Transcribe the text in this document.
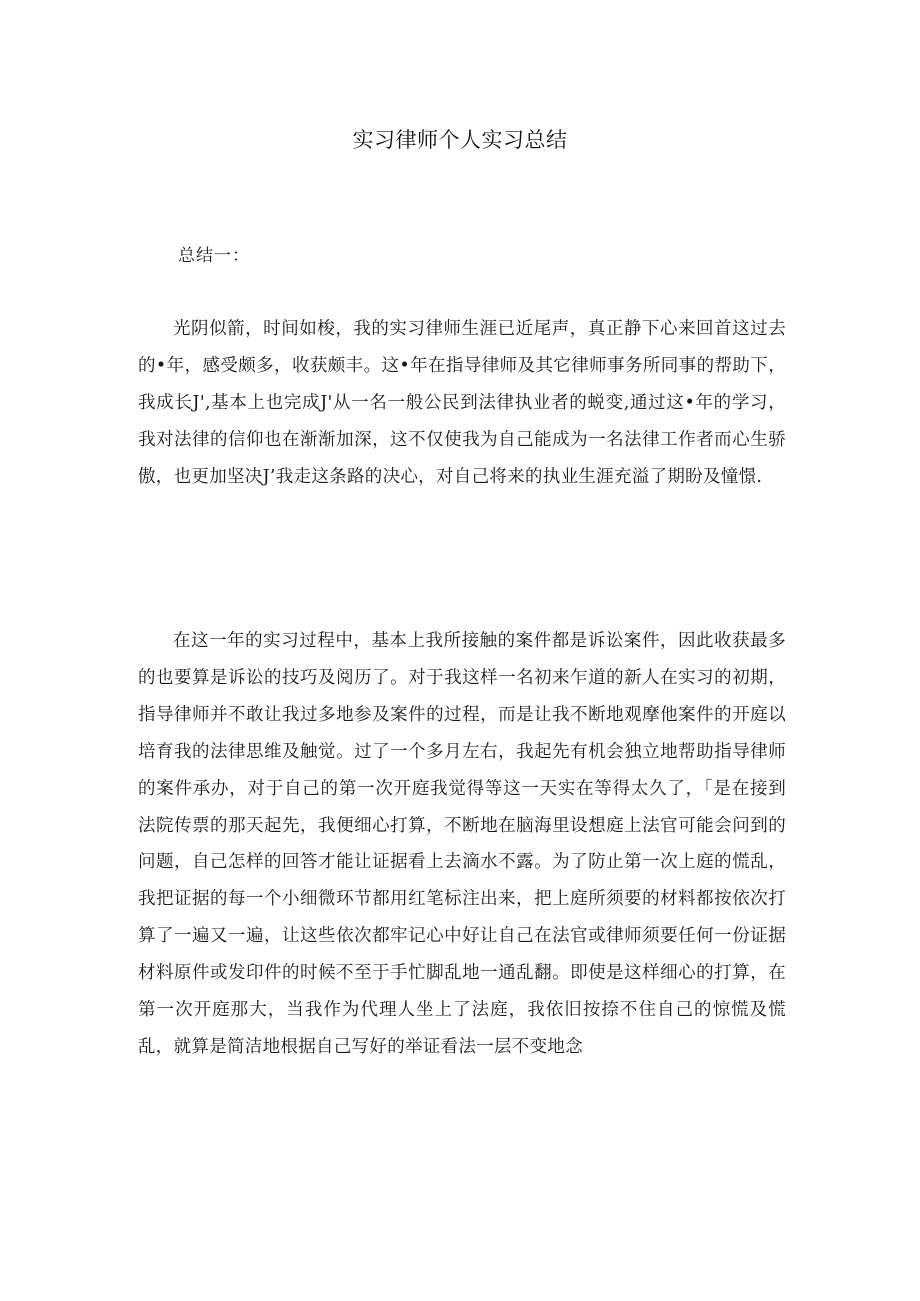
实习律师个人实习总结
总结一：

光阴似箭，时间如梭，我的实习律师生涯已近尾声，真正静下心来回首这过去的•年，感受颇多，收获颇丰。这•年在指导律师及其它律师事务所同事的帮助下，我成长J',基本上也完成J'从一名一般公民到法律执业者的蜕变,通过这•年的学习，我对法律的信仰也在渐渐加深，这不仅使我为自己能成为一名法律工作者而心生骄傲，也更加坚决J’我走这条路的决心，对自己将来的执业生涯充溢了期盼及憧憬.

在这一年的实习过程中，基本上我所接触的案件都是诉讼案件，因此收获最多的也要算是诉讼的技巧及阅历了。对于我这样一名初来乍道的新人在实习的初期，指导律师并不敢让我过多地参及案件的过程，而是让我不断地观摩他案件的开庭以培育我的法律思维及触觉。过了一个多月左右，我起先有机会独立地帮助指导律师的案件承办，对于自己的第一次开庭我觉得等这一天实在等得太久了，「是在接到法院传票的那天起先，我便细心打算，不断地在脑海里设想庭上法官可能会问到的问题，自己怎样的回答才能让证据看上去滴水不露。为了防止第一次上庭的慌乱，我把证据的每一个小细微环节都用红笔标注出来，把上庭所须要的材料都按依次打算了一遍又一遍，让这些依次都牢记心中好让自己在法官或律师须要任何一份证据材料原件或发印件的时候不至于手忙脚乱地一通乱翻。即使是这样细心的打算，在第一次开庭那大，当我作为代理人坐上了法庭，我依旧按捺不住自己的惊慌及慌乱，就算是简洁地根据自己写好的举证看法一层不变地念
